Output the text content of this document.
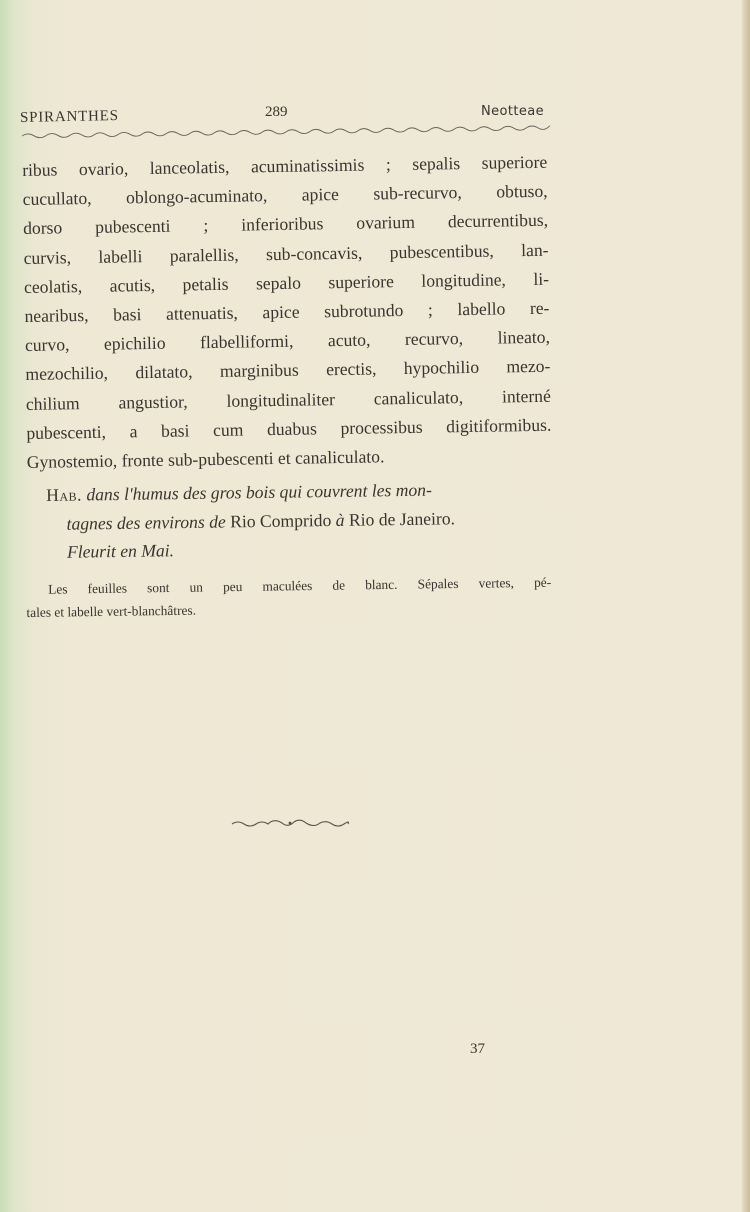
SPIRANTHES	289	Neotteae
ribus ovario, lanceolatis, acuminatissimis ; sepalis superiore
cucullato, oblongo-acuminato, apice sub-recurvo, obtuso,
dorso pubescenti ; inferioribus ovarium decurrentibus,
curvis, labelli paralellis, sub-concavis, pubescentibus, lan-
ceolatis, acutis, petalis sepalo superiore longitudine, li-
nearibus, basi attenuatis, apice subrotundo ; labello re-
curvo, epichilio flabelliformi, acuto, recurvo, lineato,
mezochilio, dilatato, marginibus erectis, hypochilio mezo-
chilium angustior, longitudinaliter canaliculato, interné
pubescenti, a basi cum duabus processibus digitiformibus.
Gynostemio, fronte sub-pubescenti et canaliculato.
Hab. dans l'humus des gros bois qui couvrent les mon-
tagnes des environs de Rio Comprido à Rio de Janeiro.
Fleurit en Mai.
Les feuilles sont un peu maculées de blanc. Sépales vertes, pé-
tales et labelle vert-blanchâtres.
37
